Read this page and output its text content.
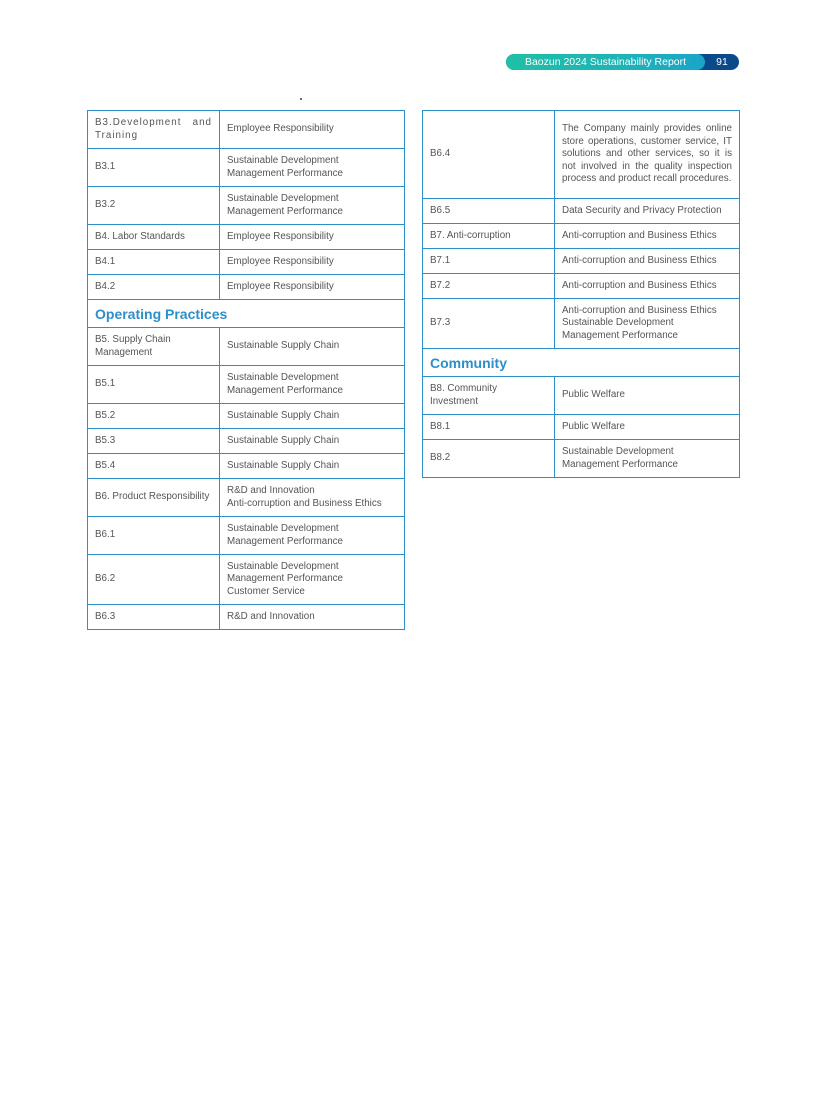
Baozun 2024 Sustainability Report	91
B3.Development and Training	Employee Responsibility

B3.1	Sustainable Development
Management Performance

B3.2	Sustainable Development
Management Performance

B4. Labor Standards	Employee Responsibility

B4.1	Employee Responsibility

B4.2	Employee Responsibility

Operating Practices	
B5. Supply Chain Management	Sustainable Supply Chain

B5.1	Sustainable Development
Management Performance

B5.2	Sustainable Supply Chain

B5.3	Sustainable Supply Chain

B5.4	Sustainable Supply Chain

B6. Product Responsibility	R&D and Innovation
Anti-corruption and Business Ethics

B6.1	Sustainable Development
Management Performance

B6.2	Sustainable Development
Management Performance
Customer Service

B6.3	R&D and Innovation
B6.4	The Company mainly provides online store operations, customer service, IT solutions and other services, so it is not involved in the quality inspection process and product recall procedures.

B6.5	Data Security and Privacy Protection

B7. Anti-corruption	Anti-corruption and Business Ethics

B7.1	Anti-corruption and Business Ethics

B7.2	Anti-corruption and Business Ethics

B7.3	Anti-corruption and Business Ethics
Sustainable Development
Management Performance

Community	
B8. Community Investment	Public Welfare

B8.1	Public Welfare

B8.2	Sustainable Development
Management Performance
